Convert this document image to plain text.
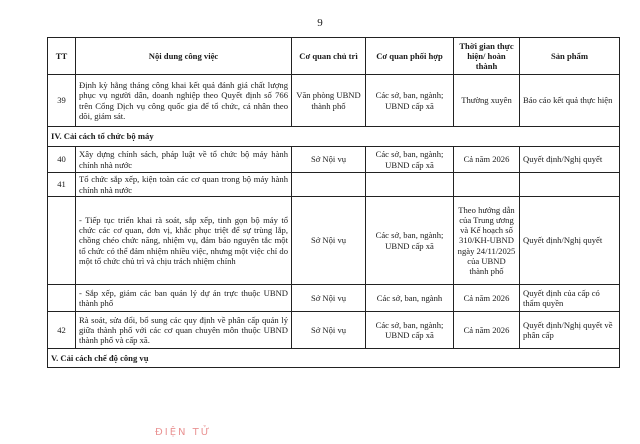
9
TT	Nội dung công việc	Cơ quan chủ trì	Cơ quan phối hợp	Thời gian thực hiện/ hoàn thành	Sản phẩm
39	Định kỳ hằng tháng công khai kết quả đánh giá chất lượng phục vụ người dân, doanh nghiệp theo Quyết định số 766 trên Cổng Dịch vụ công quốc gia để tổ chức, cá nhân theo dõi, giám sát.	Văn phòng UBND thành phố	Các sở, ban, ngành; UBND cấp xã	Thường xuyên	Báo cáo kết quả thực hiện
IV. Cải cách tổ chức bộ máy					
40	Xây dựng chính sách, pháp luật về tổ chức bộ máy hành chính nhà nước	Sở Nội vụ	Các sở, ban, ngành; UBND cấp xã	Cả năm 2026	Quyết định/Nghị quyết
41	Tổ chức sắp xếp, kiện toàn các cơ quan trong bộ máy hành chính nhà nước				
	- Tiếp tục triển khai rà soát, sắp xếp, tinh gọn bộ máy tổ chức các cơ quan, đơn vị, khắc phục triệt để sự trùng lắp, chồng chéo chức năng, nhiệm vụ, đảm bảo nguyên tắc một tổ chức có thể đảm nhiệm nhiều việc, nhưng một việc chỉ do một tổ chức chủ trì và chịu trách nhiệm chính	Sở Nội vụ	Các sở, ban, ngành; UBND cấp xã	Theo hướng dẫn của Trung ương và Kế hoạch số 310/KH-UBND ngày 24/11/2025 của UBND thành phố	Quyết định/Nghị quyết
	- Sắp xếp, giảm các ban quản lý dự án trực thuộc UBND thành phố	Sở Nội vụ	Các sở, ban, ngành	Cả năm 2026	Quyết định của cấp có thẩm quyền
42	Rà soát, sửa đổi, bổ sung các quy định về phân cấp quản lý giữa thành phố với các cơ quan chuyên môn thuộc UBND thành phố và cấp xã.	Sở Nội vụ	Các sở, ban, ngành; UBND cấp xã	Cả năm 2026	Quyết định/Nghị quyết về phân cấp
V. Cải cách chế độ công vụ					
ĐIỆN TỬ
